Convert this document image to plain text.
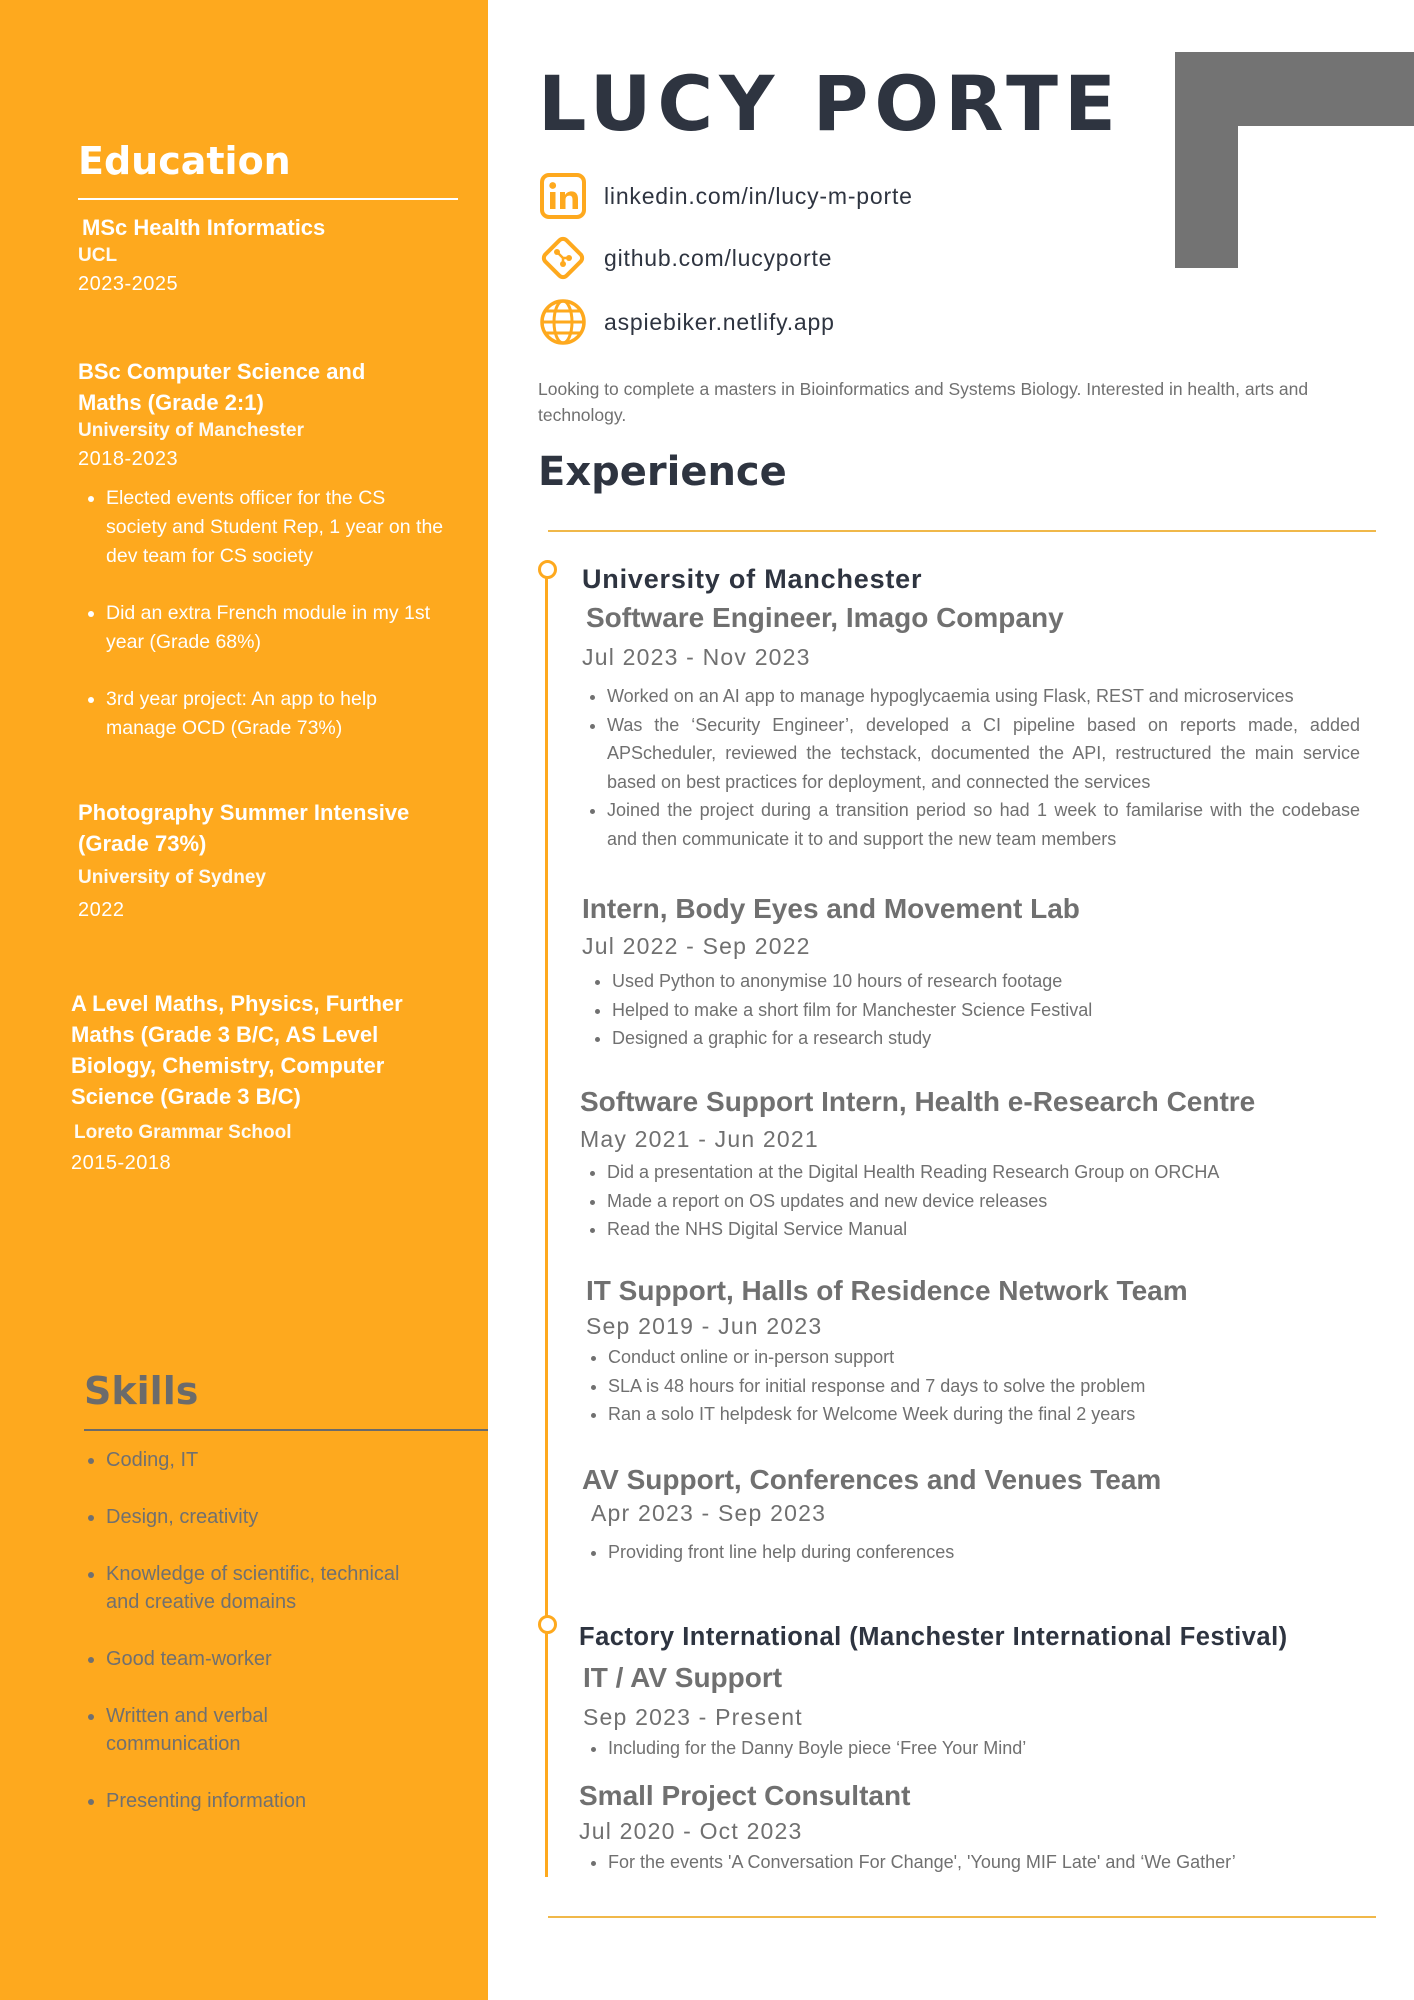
Education
MSc Health Informatics
UCL
2023-2025
BSc Computer Science and Maths (Grade 2:1)
University of Manchester
2018-2023
• Elected events officer for the CS society and Student Rep, 1 year on the dev team for CS society
• Did an extra French module in my 1st year (Grade 68%)
• 3rd year project: An app to help manage OCD (Grade 73%)
Photography Summer Intensive (Grade 73%)
University of Sydney
2022
A Level Maths, Physics, Further Maths (Grade 3 B/C, AS Level Biology, Chemistry, Computer Science (Grade 3 B/C)
Loreto Grammar School
2015-2018
Skills
• Coding, IT
• Design, creativity
• Knowledge of scientific, technical and creative domains
• Good team-worker
• Written and verbal communication
• Presenting information
LUCY PORTE
linkedin.com/in/lucy-m-porte
github.com/lucyporte
aspiebiker.netlify.app

Looking to complete a masters in Bioinformatics and Systems Biology. Interested in health, arts and technology.

Experience
University of Manchester
Software Engineer, Imago Company
Jul 2023 - Nov 2023
• Worked on an AI app to manage hypoglycaemia using Flask, REST and microservices
• Was the ‘Security Engineer’, developed a CI pipeline based on reports made, added APScheduler, reviewed the techstack, documented the API, restructured the main service based on best practices for deployment, and connected the services
• Joined the project during a transition period so had 1 week to familarise with the codebase and then communicate it to and support the new team members
Intern, Body Eyes and Movement Lab
Jul 2022 - Sep 2022
• Used Python to anonymise 10 hours of research footage
• Helped to make a short film for Manchester Science Festival
• Designed a graphic for a research study
Software Support Intern, Health e-Research Centre
May 2021 - Jun 2021
• Did a presentation at the Digital Health Reading Research Group on ORCHA
• Made a report on OS updates and new device releases
• Read the NHS Digital Service Manual
IT Support, Halls of Residence Network Team
Sep 2019 - Jun 2023
• Conduct online or in-person support
• SLA is 48 hours for initial response and 7 days to solve the problem
• Ran a solo IT helpdesk for Welcome Week during the final 2 years
AV Support, Conferences and Venues Team
Apr 2023 - Sep 2023
• Providing front line help during conferences
Factory International (Manchester International Festival)
IT / AV Support
Sep 2023 - Present
• Including for the Danny Boyle piece ‘Free Your Mind’
Small Project Consultant
Jul 2020 - Oct 2023
• For the events 'A Conversation For Change', 'Young MIF Late' and ‘We Gather’
